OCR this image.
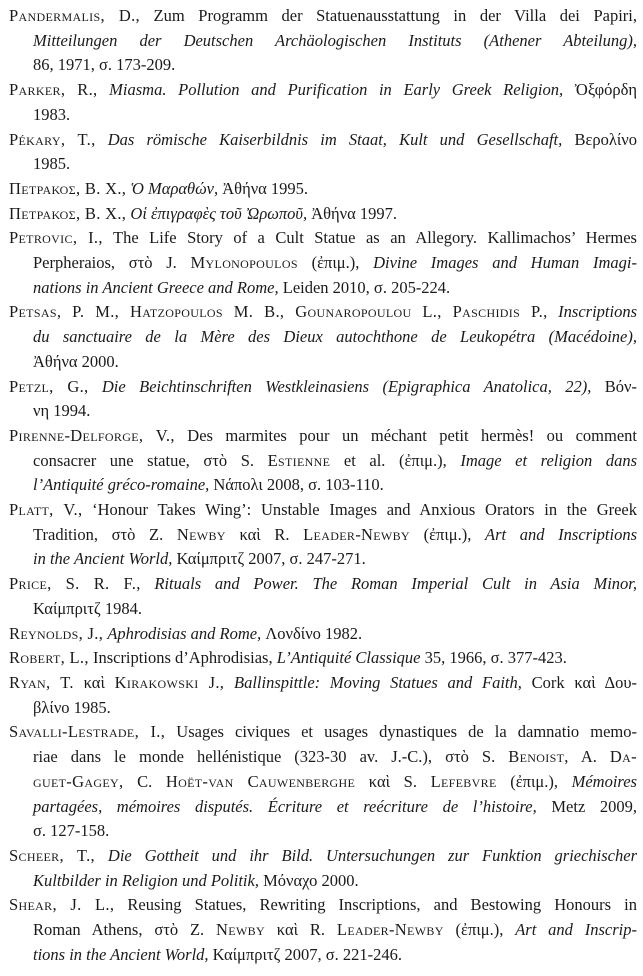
Pandermalis, D., Zum Programm der Statuenausstattung in der Villa dei Papiri,
Mitteilungen der Deutschen Archäologischen Instituts (Athener Abteilung),
86, 1971, σ. 173-209.

Parker, R., Miasma. Pollution and Purification in Early Greek Religion, Ὀξφόρδη
1983.

Pékary, T., Das römische Kaiserbildnis im Staat, Kult und Gesellschaft, Βερολίνο
1985.

Πετρακος, Β. Χ., Ὁ Μαραθών, Ἀθήνα 1995.

Πετρακος, Β. Χ., Οἱ ἐπιγραφὲς τοῦ Ὠρωποῦ, Ἀθήνα 1997.

Petrovic, I., The Life Story of a Cult Statue as an Allegory. Kallimachos’ Hermes
Perpheraios, στὸ J. Mylonopoulos (ἐπιμ.), Divine Images and Human Imagi-
nations in Ancient Greece and Rome, Leiden 2010, σ. 205-224.

Petsas, P. M., Hatzopoulos M. B., Gounaropoulou L., Paschidis P., Inscriptions
du sanctuaire de la Mère des Dieux autochthone de Leukopétra (Macédoine),
Ἀθήνα 2000.

Petzl, G., Die Beichtinschriften Westkleinasiens (Epigraphica Anatolica, 22), Βόν-
νη 1994.

Pirenne-Delforge, V., Des marmites pour un méchant petit hermès! ou comment
consacrer une statue, στὸ S. Estienne et al. (ἐπιμ.), Image et religion dans
l’Antiquité gréco-romaine, Νάπολι 2008, σ. 103-110.

Platt, V., ‘Honour Takes Wing’: Unstable Images and Anxious Orators in the Greek
Tradition, στὸ Z. Newby καὶ R. Leader-Newby (ἐπιμ.), Art and Inscriptions
in the Ancient World, Καίμπριτζ 2007, σ. 247-271.

Price, S. R. F., Rituals and Power. The Roman Imperial Cult in Asia Minor,
Καίμπριτζ 1984.

Reynolds, J., Aphrodisias and Rome, Λονδίνο 1982.

Robert, L., Inscriptions d’Aphrodisias, L’Antiquité Classique 35, 1966, σ. 377-423.

Ryan, T. καὶ Kirakowski J., Ballinspittle: Moving Statues and Faith, Cork καὶ Δου-
βλίνο 1985.

Savalli-Lestrade, I., Usages civiques et usages dynastiques de la damnatio memo-
riae dans le monde hellénistique (323-30 av. J.-C.), στὸ S. Benoist, A. Da-
guet-Gagey, C. Hoët-van Cauwenberghe καὶ S. Lefebvre (ἐπιμ.), Mémoires
partagées, mémoires disputés. Écriture et reécriture de l’histoire, Metz 2009,
σ. 127-158.

Scheer, T., Die Gottheit und ihr Bild. Untersuchungen zur Funktion griechischer
Kultbilder in Religion und Politik, Μόναχο 2000.

Shear, J. L., Reusing Statues, Rewriting Inscriptions, and Bestowing Honours in
Roman Athens, στὸ Z. Newby καὶ R. Leader-Newby (ἐπιμ.), Art and Inscrip-
tions in the Ancient World, Καίμπριτζ 2007, σ. 221-246.
